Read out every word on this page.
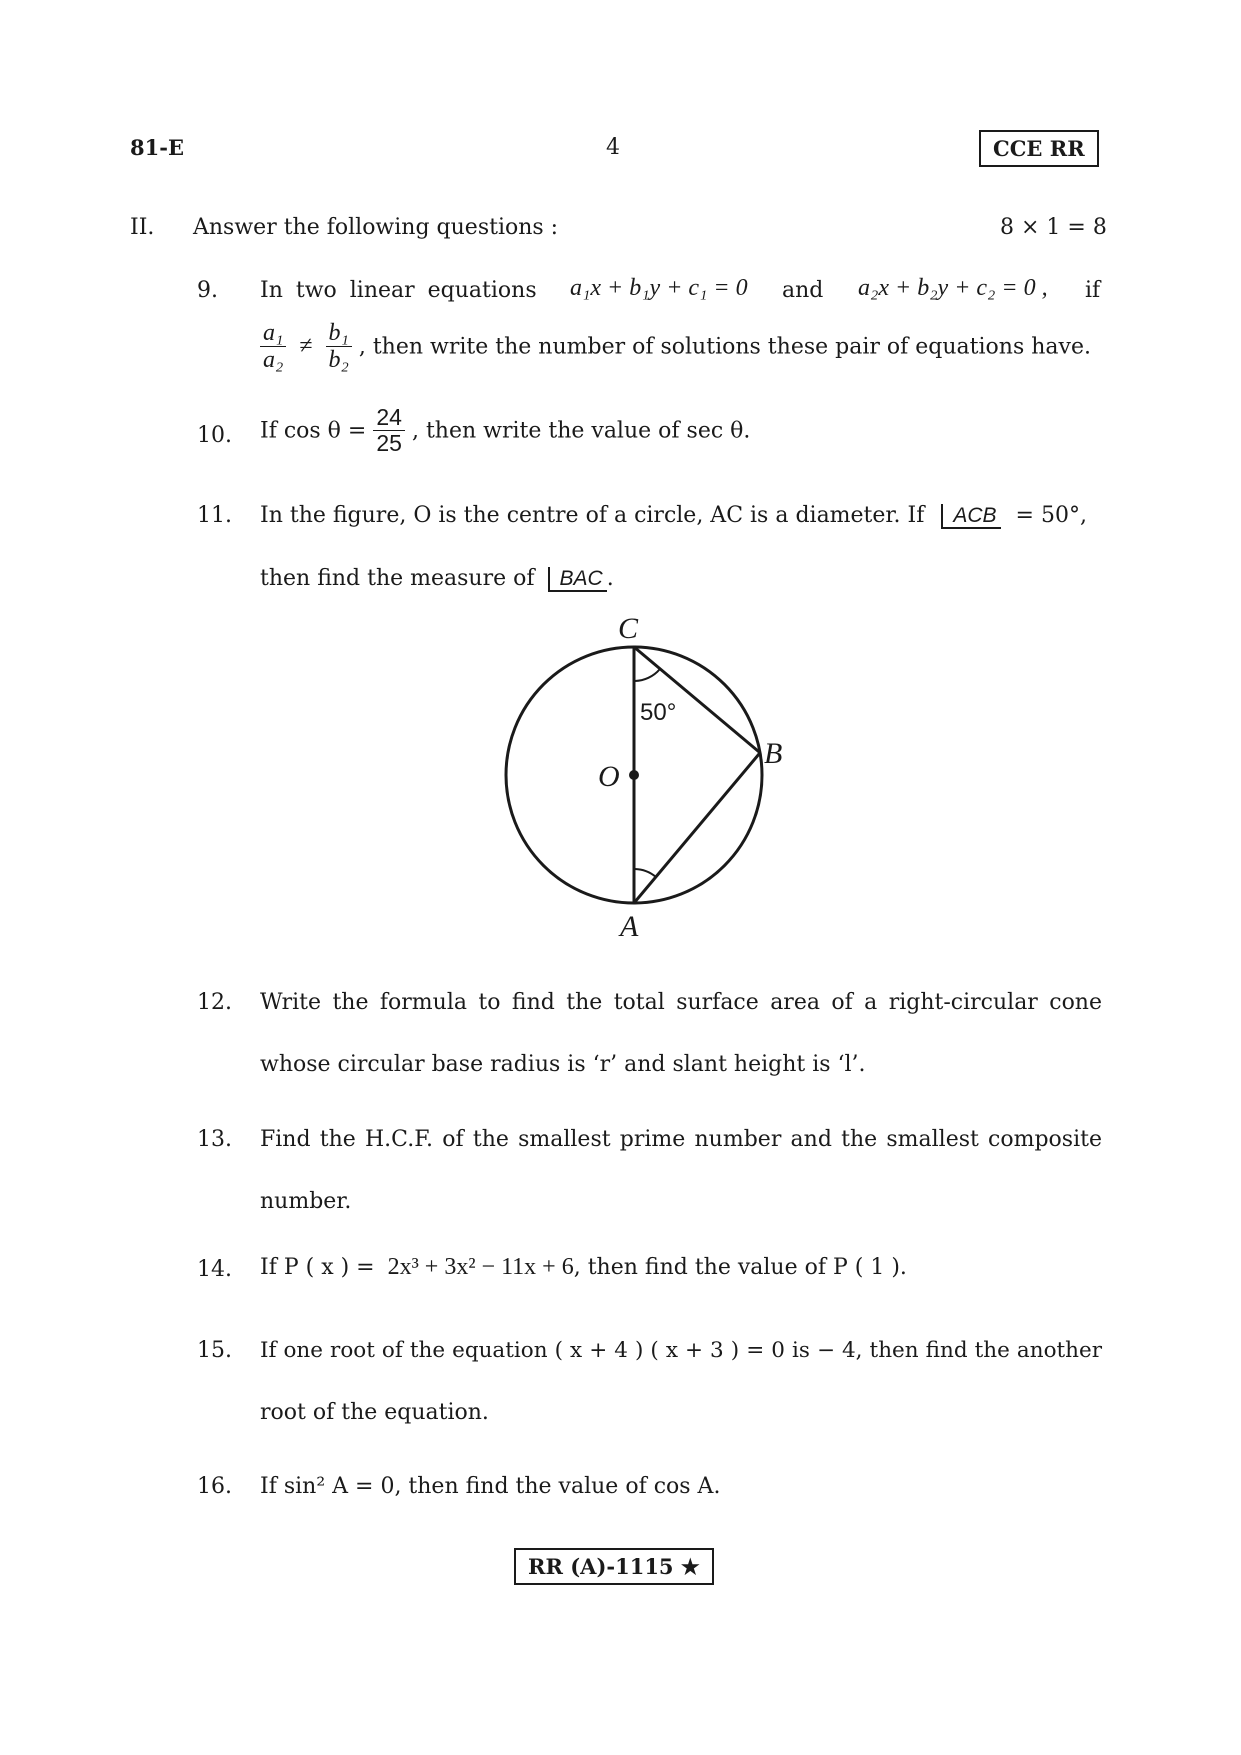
81-E	4	CCE RR
II. Answer the following questions :	8 × 1 = 8
9.	In two linear equations a₁x + b₁y + c₁ = 0 and a₂x + b₂y + c₂ = 0 , if
$\frac{\text{a₁}}{\text{a₂}} \ne \frac{\text{b₁}}{\text{b₂}}$ , then write the number of solutions these pair of equations have.
10.	If $\cos \theta = \frac{24}{25}$ , then write the value of sec θ.
11.	In the figure, O is the centre of a circle, AC is a diameter. If ACB = 50°,
then find the measure of BAC .
C
O
B
A
50°
12.	Write the formula to find the total surface area of a right-circular cone
whose circular base radius is ‘r’ and slant height is ‘l’.
13.	Find the H.C.F. of the smallest prime number and the smallest composite
number.
14.	If P ( x ) = 2x³ + 3x² − 11x + 6, then find the value of P ( 1 ).
15.	If one root of the equation ( x + 4 ) ( x + 3 ) = 0 is − 4, then find the another
root of the equation.
16.	If sin² A = 0, then find the value of cos A.
RR (A)-1115 ★
